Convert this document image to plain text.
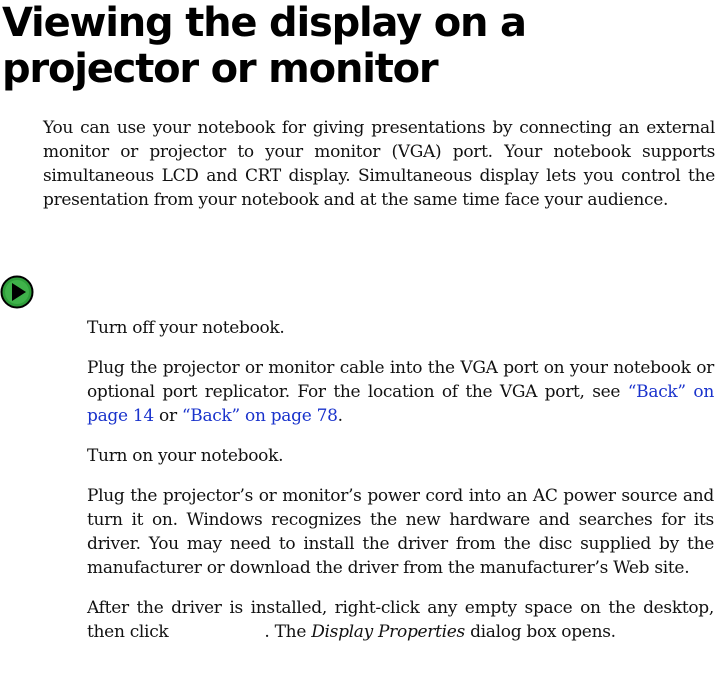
Viewing the display on a
projector or monitor

You can use your notebook for giving presentations by connecting an external monitor or projector to your monitor (VGA) port. Your notebook supports simultaneous LCD and CRT display. Simultaneous display lets you control the presentation from your notebook and at the same time face your audience.

Turn off your notebook.
Plug the projector or monitor cable into the VGA port on your notebook or optional port replicator. For the location of the VGA port, see “Back” on page 14 or “Back” on page 78.
Turn on your notebook.
Plug the projector’s or monitor’s power cord into an AC power source and turn it on. Windows recognizes the new hardware and searches for its driver. You may need to install the driver from the disc supplied by the manufacturer or download the driver from the manufacturer’s Web site.
After the driver is installed, right-click any empty space on the desktop, then click	. The Display Properties dialog box opens.
